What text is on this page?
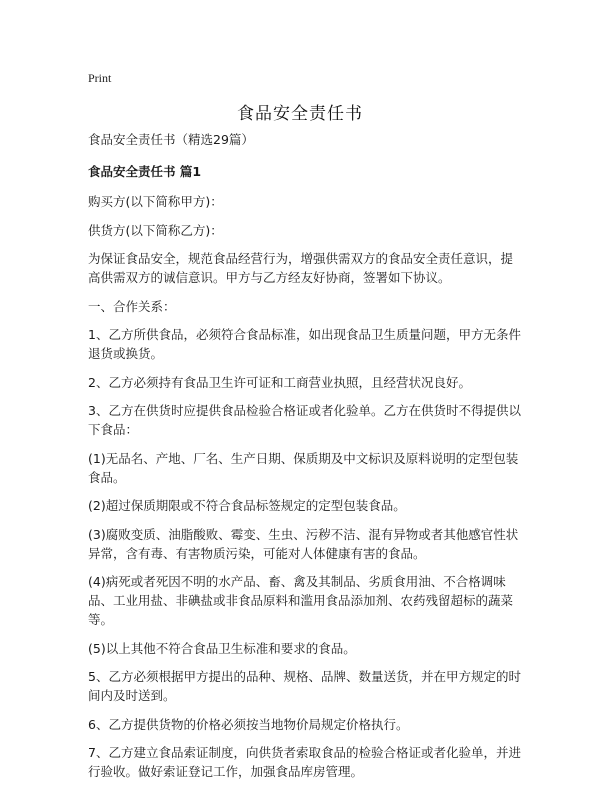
Print
食品安全责任书

食品安全责任书（精选29篇）

食品安全责任书 篇1

购买方(以下简称甲方)：

供货方(以下简称乙方)：

为保证食品安全，规范食品经营行为，增强供需双方的食品安全责任意识，提高供需双方的诚信意识。甲方与乙方经友好协商，签署如下协议。

一、合作关系：

1、乙方所供食品，必须符合食品标准，如出现食品卫生质量问题，甲方无条件退货或换货。

2、乙方必须持有食品卫生许可证和工商营业执照，且经营状况良好。

3、乙方在供货时应提供食品检验合格证或者化验单。乙方在供货时不得提供以下食品：

(1)无品名、产地、厂名、生产日期、保质期及中文标识及原料说明的定型包装食品。

(2)超过保质期限或不符合食品标签规定的定型包装食品。

(3)腐败变质、油脂酸败、霉变、生虫、污秽不洁、混有异物或者其他感官性状异常，含有毒、有害物质污染，可能对人体健康有害的食品。

(4)病死或者死因不明的水产品、畜、禽及其制品、劣质食用油、不合格调味品、工业用盐、非碘盐或非食品原料和滥用食品添加剂、农药残留超标的蔬菜等。

(5)以上其他不符合食品卫生标准和要求的食品。

5、乙方必须根据甲方提出的品种、规格、品牌、数量送货，并在甲方规定的时间内及时送到。

6、乙方提供货物的价格必须按当地物价局规定价格执行。

7、乙方建立食品索证制度，向供货者索取食品的检验合格证或者化验单，并进行验收。做好索证登记工作，加强食品库房管理。
